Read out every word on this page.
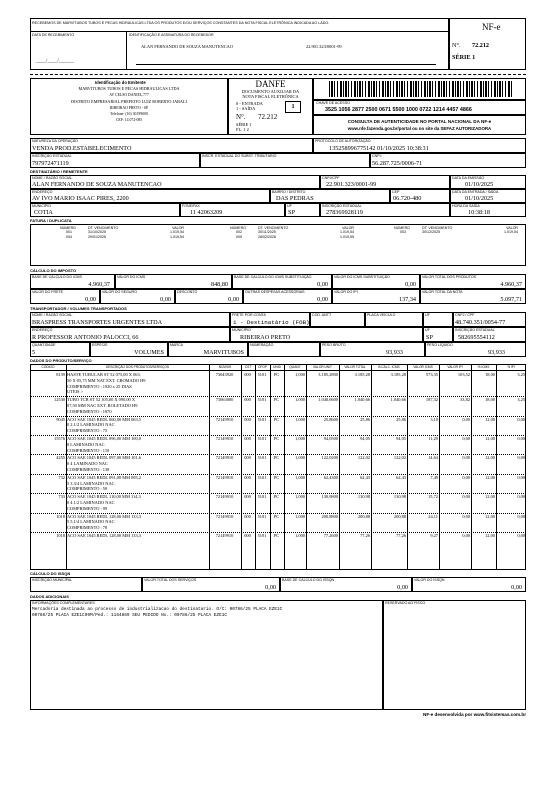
RECEBEMOS DE MARVITUBOS TUBOS E PECAS HIDRAULICAS LTDA OS PRODUTOS E/OU SERVIÇOS CONSTANTES DA NOTA FISCAL ELETRÔNICA INDICADA AO LADO.
DATA DE RECEBIMENTO
____/____/______
IDENTIFICAÇÃO E ASSINATURA DO RECEBEDOR
ALAN FERNANDO DE SOUZA MANUTENCAO	22.901.323/0001-99
NF-e
N°. 72.212
SÉRIE 1
Identificação do Emitente
MARVITUBOS TUBOS E PECAS HIDRAULICAS LTDA
AV CELSO DANIEL,777
DISTRITO EMPRESARIAL PREFEITO LUIZ ROBERTO JABALI
RIBEIRAO PRETO - SP
Telefone: (16) 30199000
CEP: 14.072-085
DANFE
DOCUMENTO AUXILIAR DA
NOTA FISCAL ELETRÔNICA
0 - ENTRADA
1 - SAÍDA	1
N°. 72.212
SÉRIE 1
FL. 1 2
CHAVE DE ACESSO
3525 1056 2877 2500 0671 5500 1000 0722 1214 4457 4866
CONSULTA DE AUTENTICIDADE NO PORTAL NACIONAL DA NF-e
www.nfe.fazenda.gov.br/portal ou no site da SEFAZ AUTORIZADORA
NATUREZA DA OPERAÇÃO
VENDA PROD.ESTABELECIMENTO
PROTOCOLO DE AUTORIZAÇÃO
135258996775142 01/10/2025 10:38:31
INSCRIÇÃO ESTADUAL
797972471119
INSCR. ESTADUAL DO SUBST. TRIBUTÁRIO	CNPJ
56.287.725/0006-71
DESTINATÁRIO / REMETENTE
NOME / RAZÃO SOCIAL
ALAN FERNANDO DE SOUZA MANUTENCAO
CNPJ/CPF
22.901.323/0001-99
DATA DA EMISSÃO
01/10/2025
ENDEREÇO
AV IVO MARIO ISAAC PIRES, 2200
BAIRRO / DISTRITO
DAS PEDRAS
CEP
06.720-480
DATA DA ENTRADA / SAÍDA
01/10/2025
MUNICÍPIO
COTIA
FONE/FAX
11 42063209
UF
SP
INSCRIÇÃO ESTADUAL
278369928119
HORA DA SAÍDA
10:38:18
FATURA / DUPLICATA
NÚMERO	DT. VENCIMENTO	VALOR
001	31/10/2025	1.019,54
004	29/01/2026	1.019,54
NÚMERO	DT. VENCIMENTO	VALOR
002	30/11/2025	1.019,54
005	28/02/2026	1.019,55
NÚMERO	DT. VENCIMENTO	VALOR
003	30/12/2025	1.019,54
CÁLCULO DO IMPOSTO
BASE DE CÁLCULO DO ICMS
4.960,37
VALOR DO ICMS
848,80
BASE DE CÁLCULO DO ICMS SUBSTITUIÇÃO
0,00
VALOR DO ICMS SUBSTITUIÇÃO
0,00
VALOR TOTAL DOS PRODUTOS
4.960,37
VALOR DO FRETE
0,00
VALOR DO SEGURO
0,00
DESCONTO
0,00
OUTRAS DESPESAS ACESSÓRIAS
0,00
VALOR DO IPI
137,34
VALOR TOTAL DA NOTA
5.097,71
TRANSPORTADOR / VOLUMES TRANSPORTADOS
NOME / RAZÃO SOCIAL
BRASPRESS TRANSPORTES URGENTES LTDA
FRETE POR CONTA
1 - Destinatário (FOB)
COD. ANTT	PLACA VEÍCULO	UF	CNPJ / CPF
48.740.351/0054-77
ENDEREÇO
R PROFESSOR ANTONIO PALOCCI, 66
MUNICÍPIO
RIBEIRAO PRETO
UF
SP
INSCRIÇÃO ESTADUAL
582695554112
QUANTIDADE
5
ESPÉCIE
VOLUMES
MARCA
MARVITUBOS
NUMERAÇÃO	PESO BRUTO
93,933
PESO LÍQUIDO
93,933
DADOS DO PRODUTO/SERVIÇO
CÓDIGO	DESCRIÇÃO DOS PRODUTOS/SERVIÇOS	NCM/SH	CST	CFOP	UNID	QUANT	VALOR UNIT	VALOR TOTAL	B.CÁLC. ICMS	VALOR ICMS	VALOR IPI	% ICMS	% IPI
8139 HASTE TUBULAR ST 52 075,00 X 063,
50 X 05,75 MM NAT EXT. CROMADO H9
COMPRIMENTO : 1920 x 25 DIAS
UTEIS >
73043920	000	5101	PC	1,000	3.185,2800	3.185,28	3.185,28	573,35	103,52	18,00	3,25
12530 TUBO TCB ST 52 105,00 X 090,00 X
07,50 MM NAC EXT. ROLETADO H9
COMPRIMENTO : 1870
73063000	000	5101	PC	1,000	1.040,6600	1.040,66	1.040,66	187,32	33,82	18,00	3,25
9045 ACO SAE 1045 REDL 060,00 MM 063,5
0 2.1/2 LAMINADO NAC
COMPRIMENTO : 75
72149910	000	5101	PC	1,000	25,8600	25,86	25,86	3,10	0,00	12,00	0,00
15576 ACO SAE 1045 REDL 096,00 MM 100,0
0 LAMINADO NAC
COMPRIMENTO : 110
72149910	000	5101	PC	1,000	94,0500	94,05	94,05	11,29	0,00	12,00	0,00
4255 ACO SAE 1045 REDL 097,00 MM 101,6
0 4 LAMINADO NAC
COMPRIMENTO : 138
72149910	000	5101	PC	1,000	122,0200	122,02	122,02	14,64	0,00	12,00	0,00
732 ACO SAE 1045 REDL 091,00 MM 095,2
5 3.3/4 LAMINADO NAC
COMPRIMENTO : 50
72149910	000	5101	PC	1,000	62,4300	62,43	62,43	7,49	0,00	12,00	0,00
733 ACO SAE 1045 REDL 110,00 MM 114,3
0 4.1/2 LAMINADO NAC
COMPRIMENTO : 99
72149910	000	5101	PC	1,000	130,9800	130,98	130,98	15,72	0,00	12,00	0,00
1018 ACO SAE 1045 REDL 128,00 MM 133,3
5 5.1/4 LAMINADO NAC
COMPRIMENTO : 78
72149910	000	5101	PC	1,000	200,8800	200,88	200,88	24,11	0,00	12,00	0,00
1018 ACO SAE 1045 REDL 128,00 MM 133,3	72149910	000	5101	PC	1,000	77,2600	77,26	77,26	9,27	0,00	12,00	0,00
CÁLCULO DO ISSQN
INSCRIÇÃO MUNICIPAL	VALOR TOTAL DOS SERVIÇOS
0,00
BASE DE CÁLCULO DO ISSQN
0,00
VALOR DO ISSQN
0,00
DADOS ADICIONAIS
INFORMAÇÕES COMPLEMENTARES
Mercadoria destinada ao processo de industrializacao do destinatario. O/C: 00786/25 PLACA EZE1C
00786/25 PLACA EZE1C99M/Ped.: 1164869 SEU PEDIDO No.: 00786/25 PLACA EZE1C
RESERVADO AO FISCO
NF-e desenvolvida por www.fitsistemas.com.br
